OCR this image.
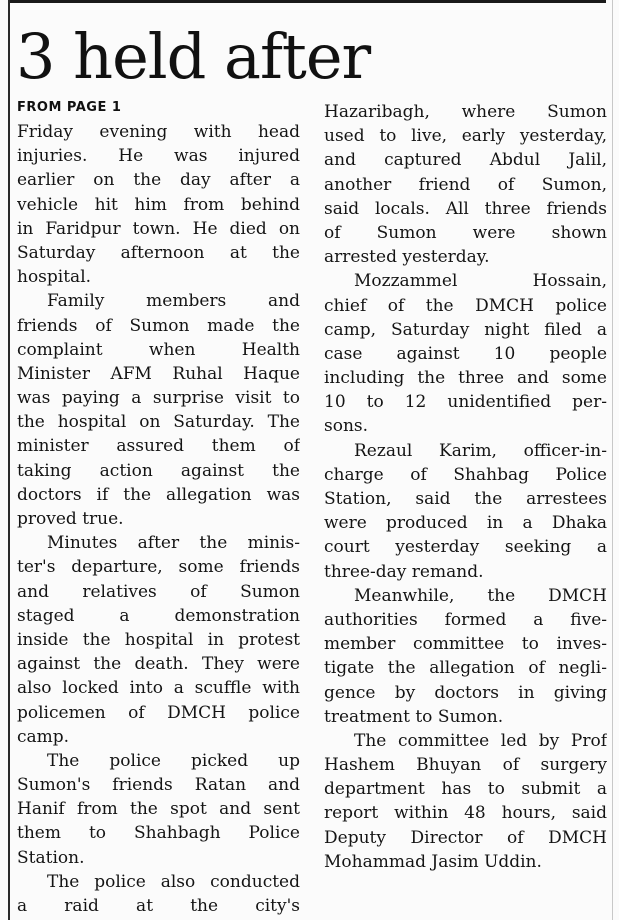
3 held after
FROM PAGE 1
Friday evening with head
injuries. He was injured
earlier on the day after a
vehicle hit him from behind
in Faridpur town. He died on
Saturday afternoon at the
hospital.
Family members and
friends of Sumon made the
complaint when Health
Minister AFM Ruhal Haque
was paying a surprise visit to
the hospital on Saturday. The
minister assured them of
taking action against the
doctors if the allegation was
proved true.
Minutes after the minis-
ter's departure, some friends
and relatives of Sumon
staged a demonstration
inside the hospital in protest
against the death. They were
also locked into a scuffle with
policemen of DMCH police
camp.
The police picked up
Sumon's friends Ratan and
Hanif from the spot and sent
them to Shahbagh Police
Station.
The police also conducted
a raid at the city's
Hazaribagh, where Sumon
used to live, early yesterday,
and captured Abdul Jalil,
another friend of Sumon,
said locals. All three friends
of Sumon were shown
arrested yesterday.
Mozzammel Hossain,
chief of the DMCH police
camp, Saturday night filed a
case against 10 people
including the three and some
10 to 12 unidentified per-
sons.
Rezaul Karim, officer-in-
charge of Shahbag Police
Station, said the arrestees
were produced in a Dhaka
court yesterday seeking a
three-day remand.
Meanwhile, the DMCH
authorities formed a five-
member committee to inves-
tigate the allegation of negli-
gence by doctors in giving
treatment to Sumon.
The committee led by Prof
Hashem Bhuyan of surgery
department has to submit a
report within 48 hours, said
Deputy Director of DMCH
Mohammad Jasim Uddin.
